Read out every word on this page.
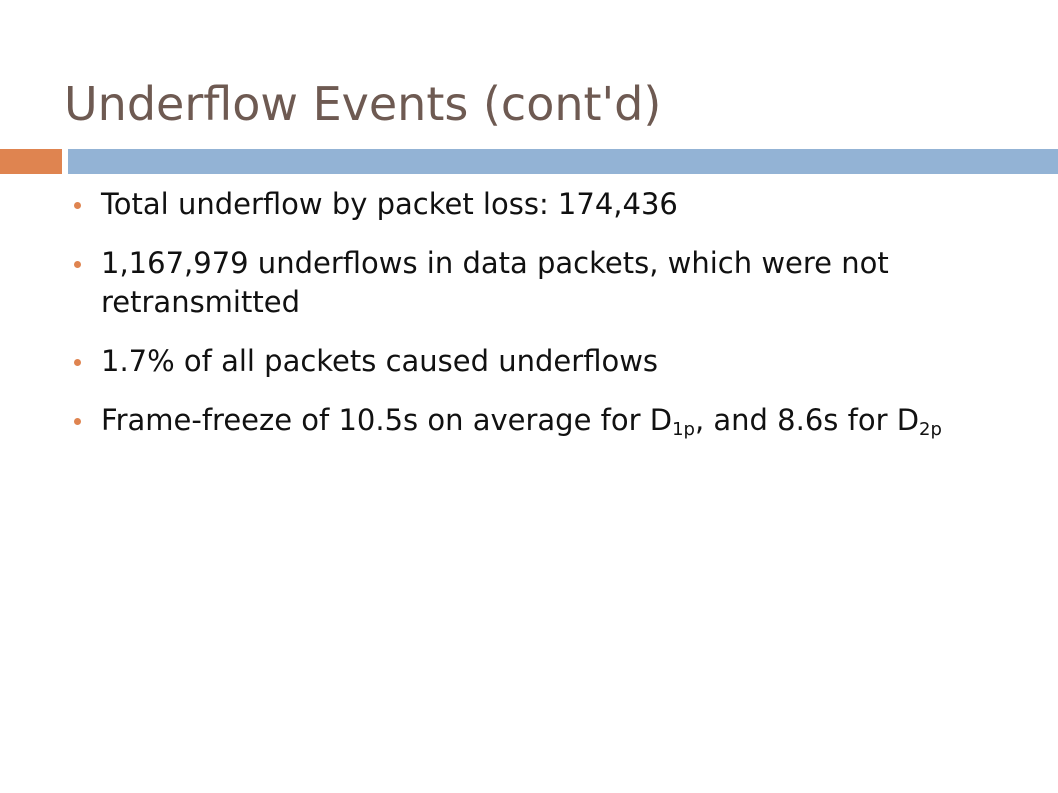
Underflow Events (cont'd)
Total underflow by packet loss: 174,436
1,167,979 underflows in data packets, which were not retransmitted
1.7% of all packets caused underflows
Frame-freeze of 10.5s on average for $D_{1p}$, and 8.6s for $D_{2p}$
